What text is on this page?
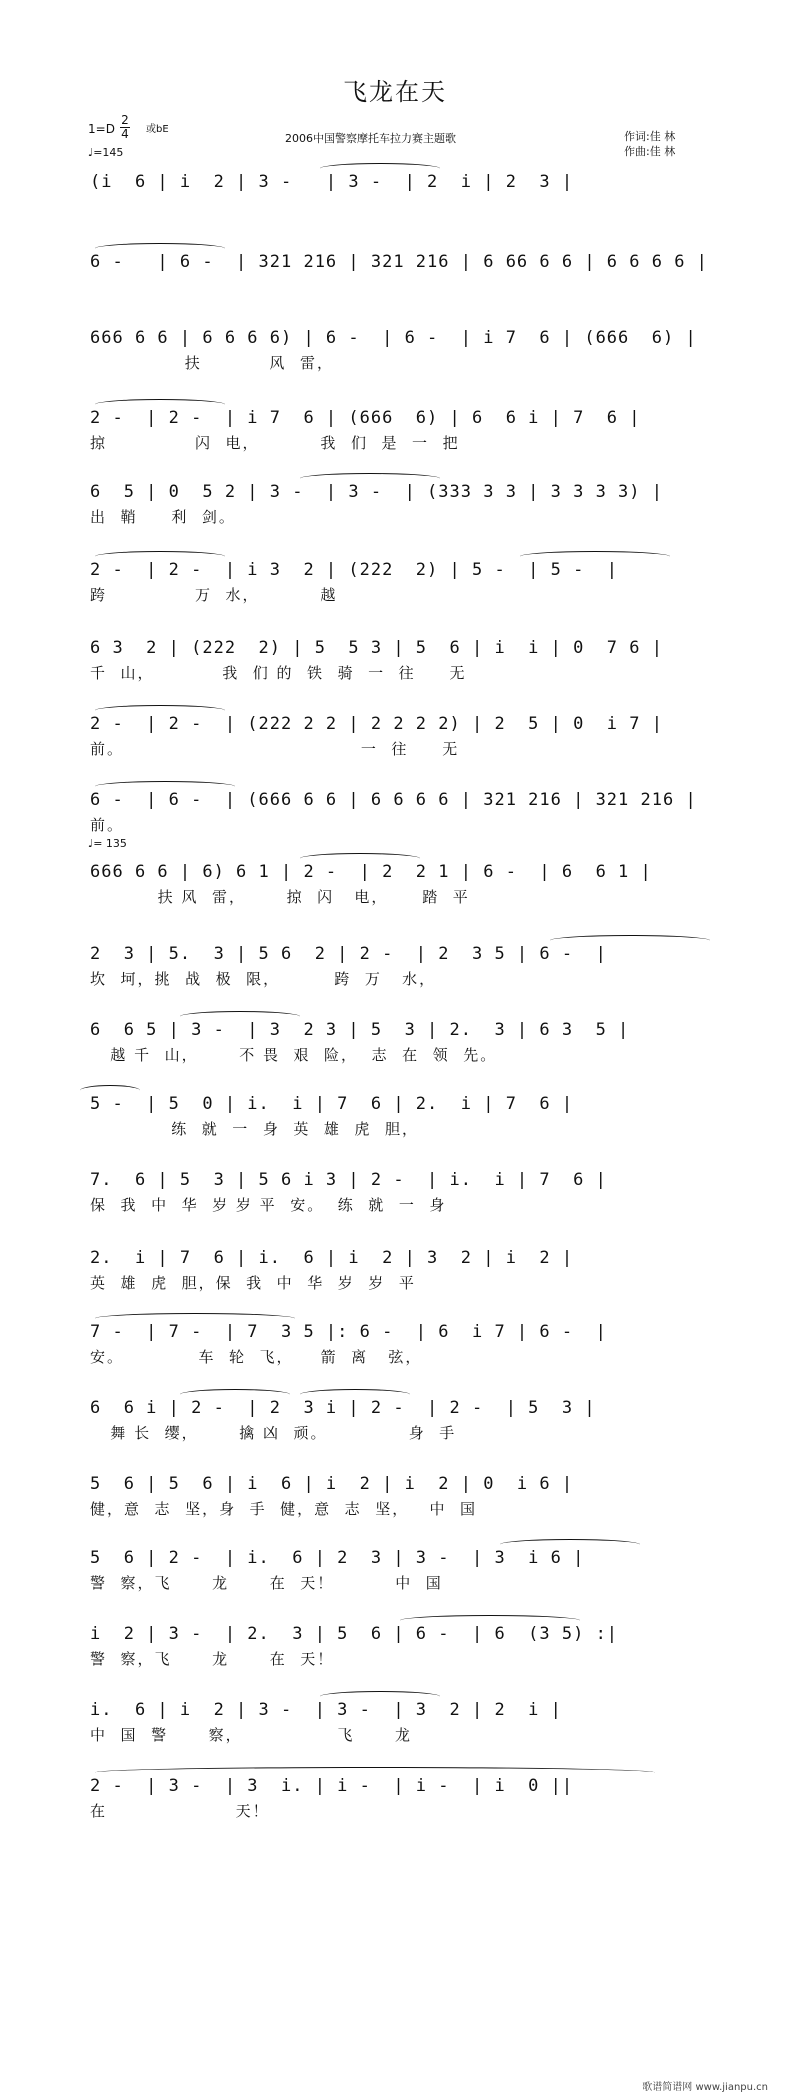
飞龙在天
2006中国警察摩托车拉力赛主题歌	作词:佳 林
作曲:佳 林
1=D
2
4 或bE
♩=145
♩= 135
(i  6 | i  2 | 3 -   | 3 -  | 2  i | 2  3 |
6 -   | 6 -  | 321 216 | 321 216 | 6 66 6 6 | 6 6 6 6 |
666 6 6 | 6 6 6 6) | 6 -  | 6 -  | i 7  6 | (666  6) |
扶          风  雷，
2 -  | 2 -  | i 7  6 | (666  6) | 6  6 i | 7  6 |
掠             闪  电，         我  们  是  一  把
6  5 | 0  5 2 | 3 -  | 3 -  | (333 3 3 | 3 3 3 3) |
出  鞘     利  剑。
2 -  | 2 -  | i 3  2 | (222  2) | 5 -  | 5 -  |
跨             万  水，         越
6 3  2 | (222  2) | 5  5 3 | 5  6 | i  i | 0  7 6 |
千  山，          我  们 的  铁  骑  一  往     无
2 -  | 2 -  | (222 2 2 | 2 2 2 2) | 2  5 | 0  i 7 |
前。                                   一  往     无
6 -  | 6 -  | (666 6 6 | 6 6 6 6 | 321 216 | 321 216 |
前。
666 6 6 | 6) 6 1 | 2 -  | 2  2 1 | 6 -  | 6  6 1 |
扶 风  雷，      掠  闪   电，     踏  平
2  3 | 5.  3 | 5 6  2 | 2 -  | 2  3 5 | 6 -  |
坎  坷，挑  战  极  限，        跨  万   水，
6  6 5 | 3 -  | 3  2 3 | 5  3 | 2.  3 | 6 3  5 |
越 千  山，      不 畏  艰  险，  志  在  领  先。
5 -  | 5  0 | i.  i | 7  6 | 2.  i | 7  6 |
练  就  一  身  英  雄  虎  胆，
7.  6 | 5  3 | 5 6 i 3 | 2 -  | i.  i | 7  6 |
保  我  中  华  岁 岁 平  安。  练  就  一  身
2.  i | 7  6 | i.  6 | i  2 | 3  2 | i  2 |
英  雄  虎  胆，保  我  中  华  岁  岁  平
7 -  | 7 -  | 7  3 5 |: 6 -  | 6  i 7 | 6 -  |
安。           车  轮  飞，    箭  离   弦，
6  6 i | 2 -  | 2  3 i | 2 -  | 2 -  | 5  3 |
舞 长  缨，      擒 凶  顽。            身  手
5  6 | 5  6 | i  6 | i  2 | i  2 | 0  i 6 |
健，意  志  坚，身  手  健，意  志  坚，   中  国
5  6 | 2 -  | i.  6 | 2  3 | 3 -  | 3  i 6 |
警  察，飞      龙      在  天！         中  国
i  2 | 3 -  | 2.  3 | 5  6 | 6 -  | 6  (3 5) :|
警  察，飞      龙      在  天！
i.  6 | i  2 | 3 -  | 3 -  | 3  2 | 2  i |
中  国  警      察，              飞      龙
2 -  | 3 -  | 3  i. | i -  | i -  | i  0 ||
在                   天！
歌谱简谱网 www.jianpu.cn
